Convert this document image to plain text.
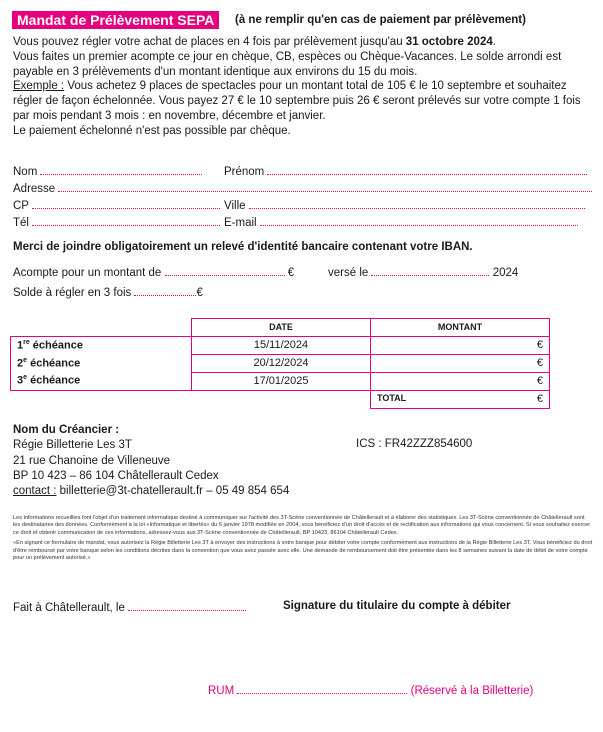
Mandat de Prélèvement SEPA	(à ne remplir qu'en cas de paiement par prélèvement)

Vous pouvez régler votre achat de places en 4 fois par prélèvement jusqu'au 31 octobre 2024.

Vous faites un premier acompte ce jour en chèque, CB, espèces ou Chèque-Vacances. Le solde arrondi est payable en 3 prélèvements d'un montant identique aux environs du 15 du mois.

Exemple : Vous achetez 9 places de spectacles pour un montant total de 105 € le 10 septembre et souhaitez régler de façon échelonnée. Vous payez 27 € le 10 septembre puis 26 € seront prélevés sur votre compte 1 fois par mois pendant 3 mois : en novembre, décembre et janvier.

Le paiement échelonné n'est pas possible par chèque.

Nom	Prénom
Adresse
CP	Ville
Tél	E-mail
Merci de joindre obligatoirement un relevé d'identité bancaire contenant votre IBAN.
Acompte pour un montant de	€	versé le	2024
Solde à régler en 3 fois	€
	DATE	MONTANT
1re échéance	15/11/2024	€
2e échéance	20/12/2024	€
3e échéance	17/01/2025	€
		TOTAL €
Nom du Créancier :
Régie Billetterie Les 3T
21 rue Chanoine de Villeneuve
BP 10 423 – 86 104 Châtellerault Cedex
contact : billetterie@3t-chatellerault.fr – 05 49 854 654
ICS : FR42ZZZ854600

Les informations recueillies font l'objet d'un traitement informatique destiné à communiquer sur l'activité des 3T-Scène conventionnée de Châtellerault et à élaborer des statistiques. Les 3T-Scène conventionnée de Châtellerault sont les destinataires des données. Conformément à la loi «Informatique et libertés» du 6 janvier 1978 modifiée en 2004, vous bénéficiez d'un droit d'accès et de rectification aux informations qui vous concernent. Si vous souhaitez exercer ce droit et obtenir communication de ces informations, adressez-vous aux 3T-Scène conventionnée de Châtellerault, BP 10423, 86104 Châtellerault Cedex.

«En signant ce formulaire de mandat, vous autorisez la Régie Billetterie Les 3T à envoyer des instructions à votre banque pour débiter votre compte conformément aux instructions de la Régie Billetterie Les 3T. Vous bénéficiez du droit d'être remboursé par votre banque selon les conditions décrites dans la convention que vous avez passée avec elle. Une demande de remboursement doit être présentée dans les 8 semaines suivant la date de débit de votre compte pour un prélèvement autorisé.»

Fait à Châtellerault, le	Signature du titulaire du compte à débiter
RUM	(Réservé à la Billetterie)
